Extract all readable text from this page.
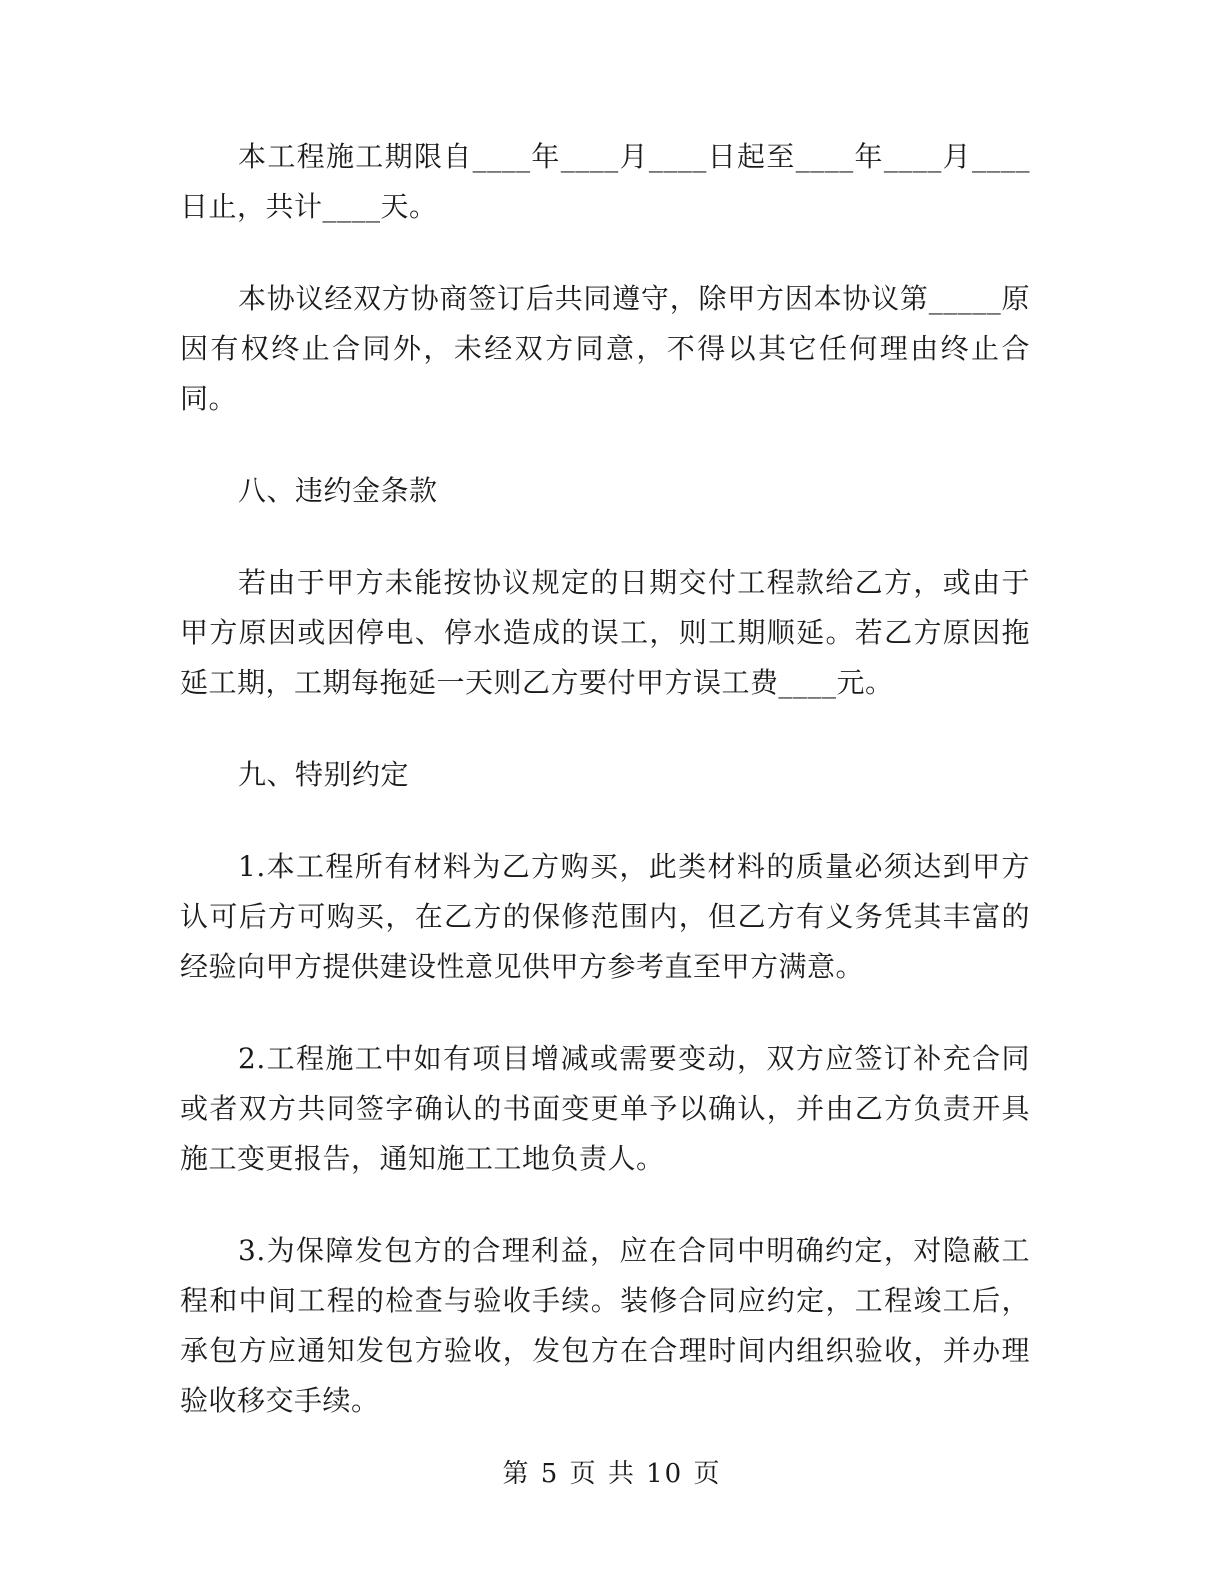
本工程施工期限自____年____月____日起至____年____月____日止，共计____天。

本协议经双方协商签订后共同遵守，除甲方因本协议第_____原因有权终止合同外，未经双方同意，不得以其它任何理由终止合同。

八、违约金条款

若由于甲方未能按协议规定的日期交付工程款给乙方，或由于甲方原因或因停电、停水造成的误工，则工期顺延。若乙方原因拖延工期，工期每拖延一天则乙方要付甲方误工费____元。

九、特别约定

1.本工程所有材料为乙方购买，此类材料的质量必须达到甲方认可后方可购买，在乙方的保修范围内，但乙方有义务凭其丰富的经验向甲方提供建设性意见供甲方参考直至甲方满意。

2.工程施工中如有项目增减或需要变动，双方应签订补充合同或者双方共同签字确认的书面变更单予以确认，并由乙方负责开具施工变更报告，通知施工工地负责人。

3.为保障发包方的合理利益，应在合同中明确约定，对隐蔽工程和中间工程的检查与验收手续。装修合同应约定，工程竣工后，承包方应通知发包方验收，发包方在合理时间内组织验收，并办理验收移交手续。

第 5 页 共 10 页
